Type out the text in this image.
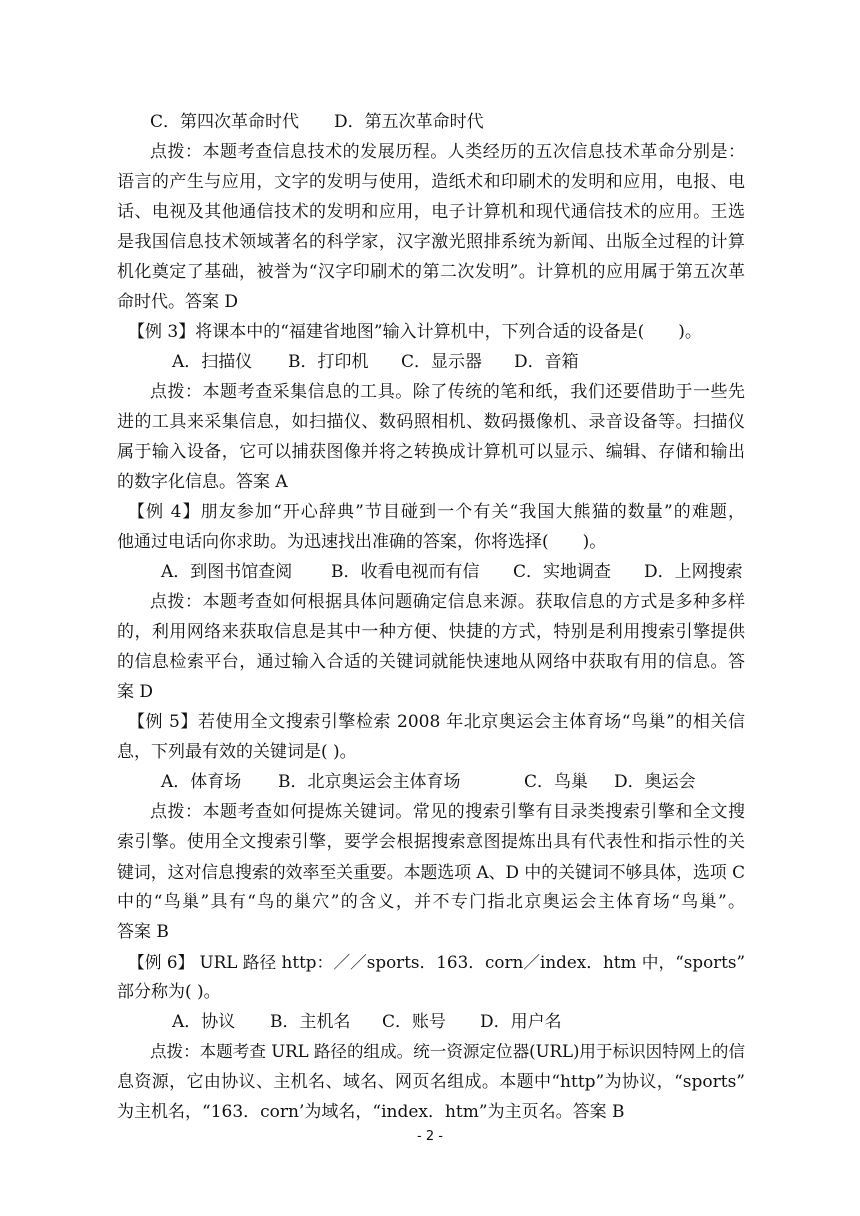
C．第四次革命时代 D．第五次革命时代
点拨：本题考查信息技术的发展历程。人类经历的五次信息技术革命分别是：
语言的产生与应用，文字的发明与使用，造纸术和印刷术的发明和应用，电报、电
话、电视及其他通信技术的发明和应用，电子计算机和现代通信技术的应用。王选
是我国信息技术领域著名的科学家，汉字激光照排系统为新闻、出版全过程的计算
机化奠定了基础，被誉为“汉字印刷术的第二次发明”。计算机的应用属于第五次革
命时代。答案 D
【例 3】将课本中的“福建省地图”输入计算机中，下列合适的设备是(　　)。
A．扫描仪 B．打印机 C．显示器 D．音箱
点拨：本题考查采集信息的工具。除了传统的笔和纸，我们还要借助于一些先
进的工具来采集信息，如扫描仪、数码照相机、数码摄像机、录音设备等。扫描仪
属于输入设备，它可以捕获图像并将之转换成计算机可以显示、编辑、存储和输出
的数字化信息。答案 A
【例 4】朋友参加“开心辞典”节目碰到一个有关“我国大熊猫的数量”的难题，
他通过电话向你求助。为迅速找出准确的答案，你将选择(　　)。
A．到图书馆查阅 B．收看电视而有信 C．实地调查 D．上网搜索
点拨：本题考查如何根据具体问题确定信息来源。获取信息的方式是多种多样
的，利用网络来获取信息是其中一种方便、快捷的方式，特别是利用搜索引擎提供
的信息检索平台，通过输入合适的关键词就能快速地从网络中获取有用的信息。答
案 D
【例 5】若使用全文搜索引擎检索 2008 年北京奥运会主体育场“鸟巢”的相关信
息，下列最有效的关键词是( )。
A．体育场 B．北京奥运会主体育场	C．鸟巢 D．奥运会
点拨：本题考查如何提炼关键词。常见的搜索引擎有目录类搜索引擎和全文搜
索引擎。使用全文搜索引擎，要学会根据搜索意图提炼出具有代表性和指示性的关
键词，这对信息搜索的效率至关重要。本题选项 A、D 中的关键词不够具体，选项 C
中的“鸟巢”具有“鸟的巢穴”的含义，并不专门指北京奥运会主体育场“鸟巢”。
答案 B
【例 6】 URL 路径 http：／／sports．163．corn／index．htm 中，“sports”
部分称为( )。
A．协议 B．主机名 C．账号 D．用户名
点拨：本题考查 URL 路径的组成。统一资源定位器(URL)用于标识因特网上的信
息资源，它由协议、主机名、域名、网页名组成。本题中“http”为协议，“sports”
为主机名，“163．corn’为域名，“index．htm”为主页名。答案 B
- 2 -
